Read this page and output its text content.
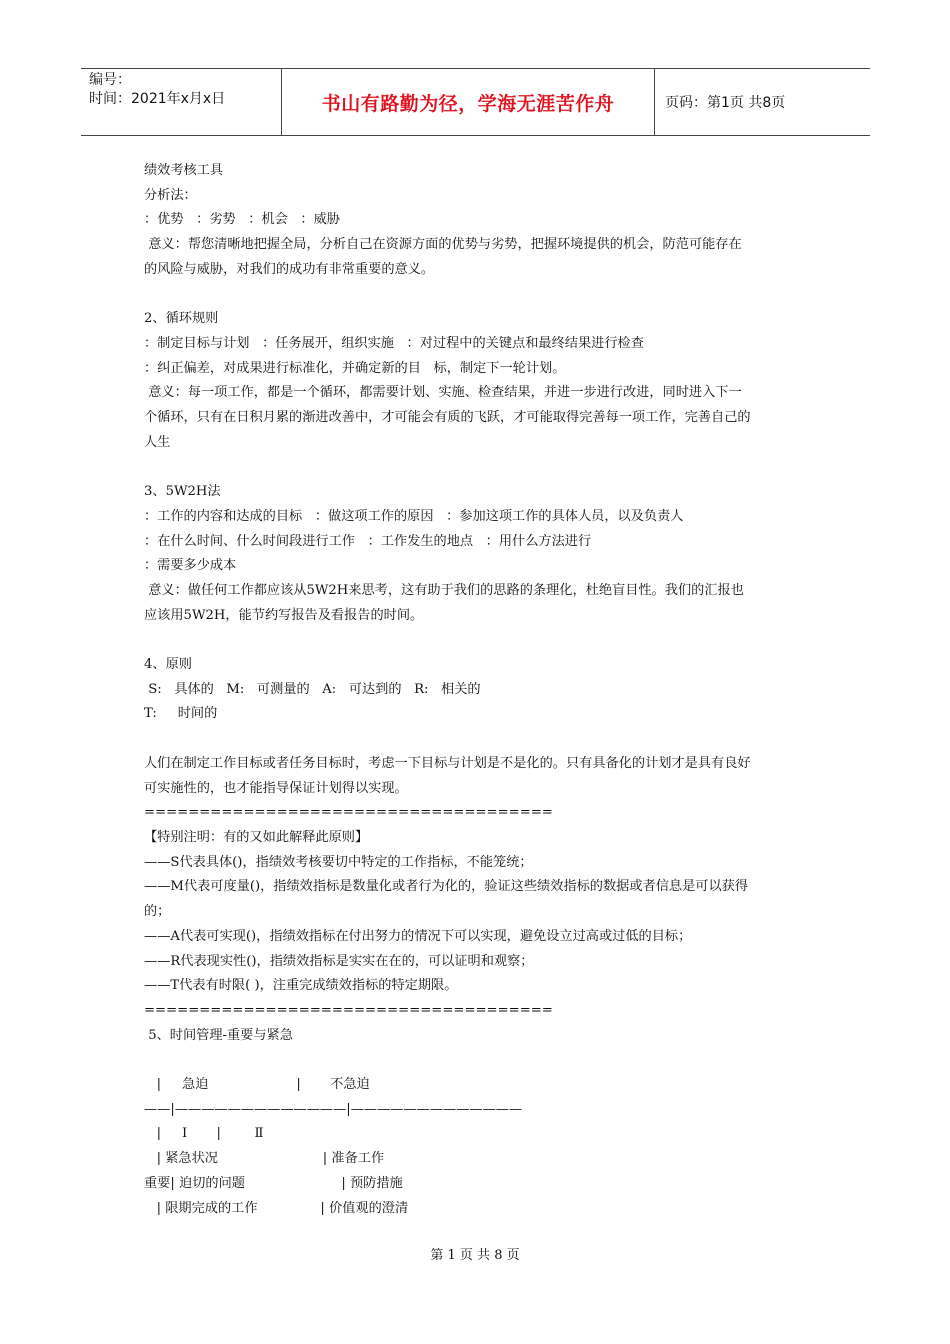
编号：
时间：2021年x月x日	书山有路勤为径，学海无涯苦作舟	页码：第1页 共8页

绩效考核工具

分析法：

：优势   ：劣势   ：机会   ：威胁

意义：帮您清晰地把握全局，分析自己在资源方面的优势与劣势，把握环境提供的机会，防范可能存在

的风险与威胁，对我们的成功有非常重要的意义。

2、循环规则

：制定目标与计划   ：任务展开，组织实施   ：对过程中的关键点和最终结果进行检查

：纠正偏差，对成果进行标准化，并确定新的目   标，制定下一轮计划。

意义：每一项工作，都是一个循环，都需要计划、实施、检查结果，并进一步进行改进，同时进入下一

个循环，只有在日积月累的渐进改善中，才可能会有质的飞跃，才可能取得完善每一项工作，完善自己的

人生

3、5W2H法

：工作的内容和达成的目标   ：做这项工作的原因   ：参加这项工作的具体人员，以及负责人

：在什么时间、什么时间段进行工作   ：工作发生的地点   ：用什么方法进行

：需要多少成本

意义：做任何工作都应该从5W2H来思考，这有助于我们的思路的条理化，杜绝盲目性。我们的汇报也

应该用5W2H，能节约写报告及看报告的时间。

4、原则

S:   具体的   M:   可测量的   A:   可达到的   R:   相关的

T:     时间的

人们在制定工作目标或者任务目标时，考虑一下目标与计划是不是化的。只有具备化的计划才是具有良好

可实施性的，也才能指导保证计划得以实现。

=====================================

【特别注明：有的又如此解释此原则】

——S代表具体()，指绩效考核要切中特定的工作指标，不能笼统；

——M代表可度量()，指绩效指标是数量化或者行为化的，验证这些绩效指标的数据或者信息是可以获得

的；

——A代表可实现()，指绩效指标在付出努力的情况下可以实现，避免设立过高或过低的目标；

——R代表现实性()，指绩效指标是实实在在的，可以证明和观察；

——T代表有时限( )，注重完成绩效指标的特定期限。

=====================================

5、时间管理-重要与紧急

|     急迫                     |       不急迫

——|—————————————|—————————————

|     Ⅰ       |        Ⅱ

| 紧急状况                         | 准备工作

重要| 迫切的问题                       | 预防措施

| 限期完成的工作               | 价值观的澄清

第 1 页 共 8 页
